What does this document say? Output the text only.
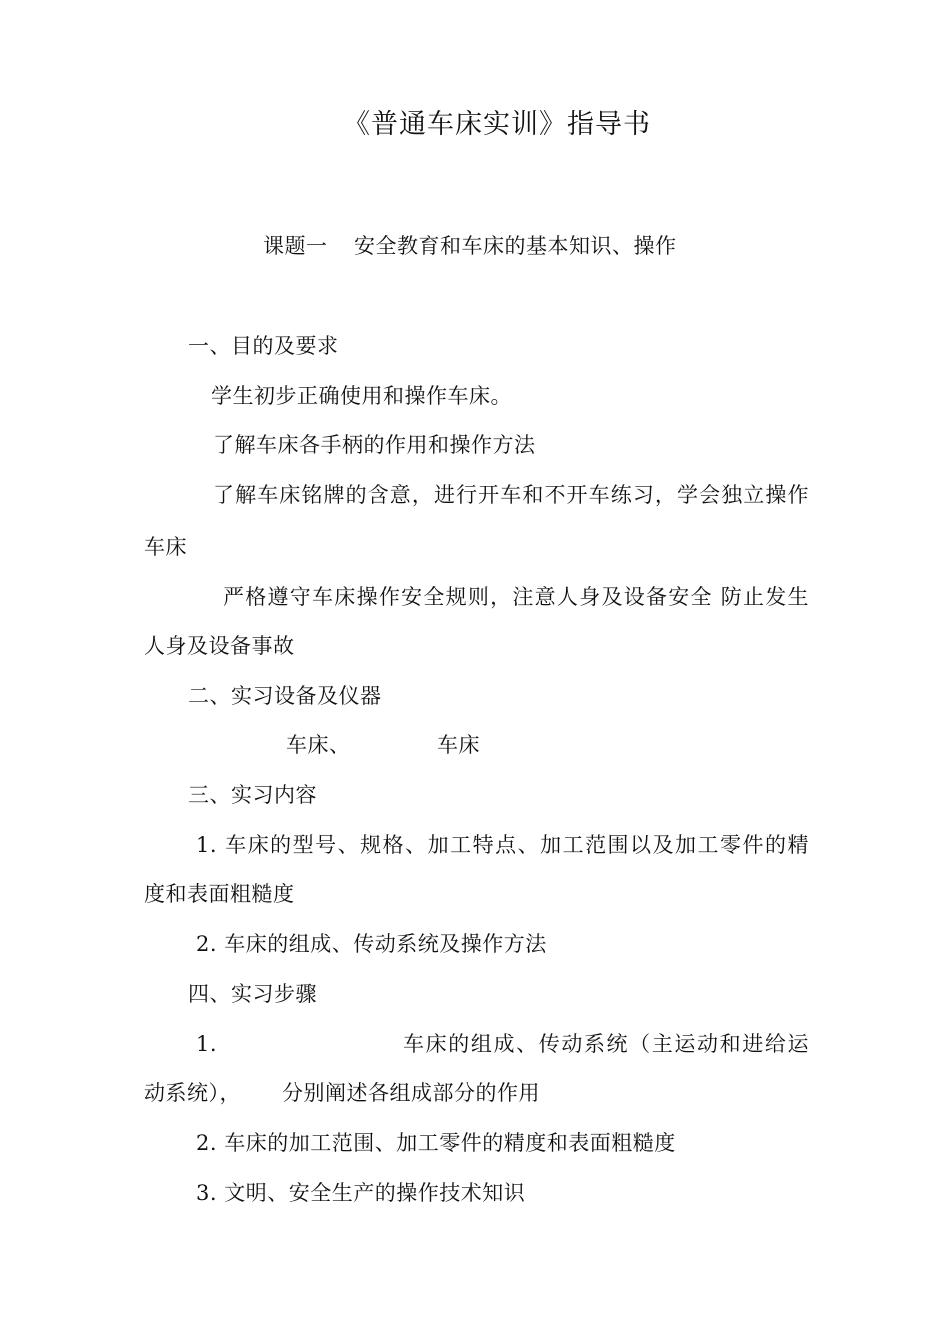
《普通车床实训》指导书
课题一 安全教育和车床的基本知识、操作
一、目的及要求
学生初步正确使用和操作车床。
了解车床各手柄的作用和操作方法
了解车床铭牌的含意，进行开车和不开车练习，学会独立操作
车床
严格遵守车床操作安全规则，注意人身及设备安全 防止发生
人身及设备事故
二、实习设备及仪器
车床、	车床
三、实习内容
1. 车床的型号、规格、加工特点、加工范围以及加工零件的精
度和表面粗糙度
2. 车床的组成、传动系统及操作方法
四、实习步骤
1.	车床的组成、传动系统（主运动和进给运
动系统）， 分别阐述各组成部分的作用
2. 车床的加工范围、加工零件的精度和表面粗糙度
3. 文明、安全生产的操作技术知识
